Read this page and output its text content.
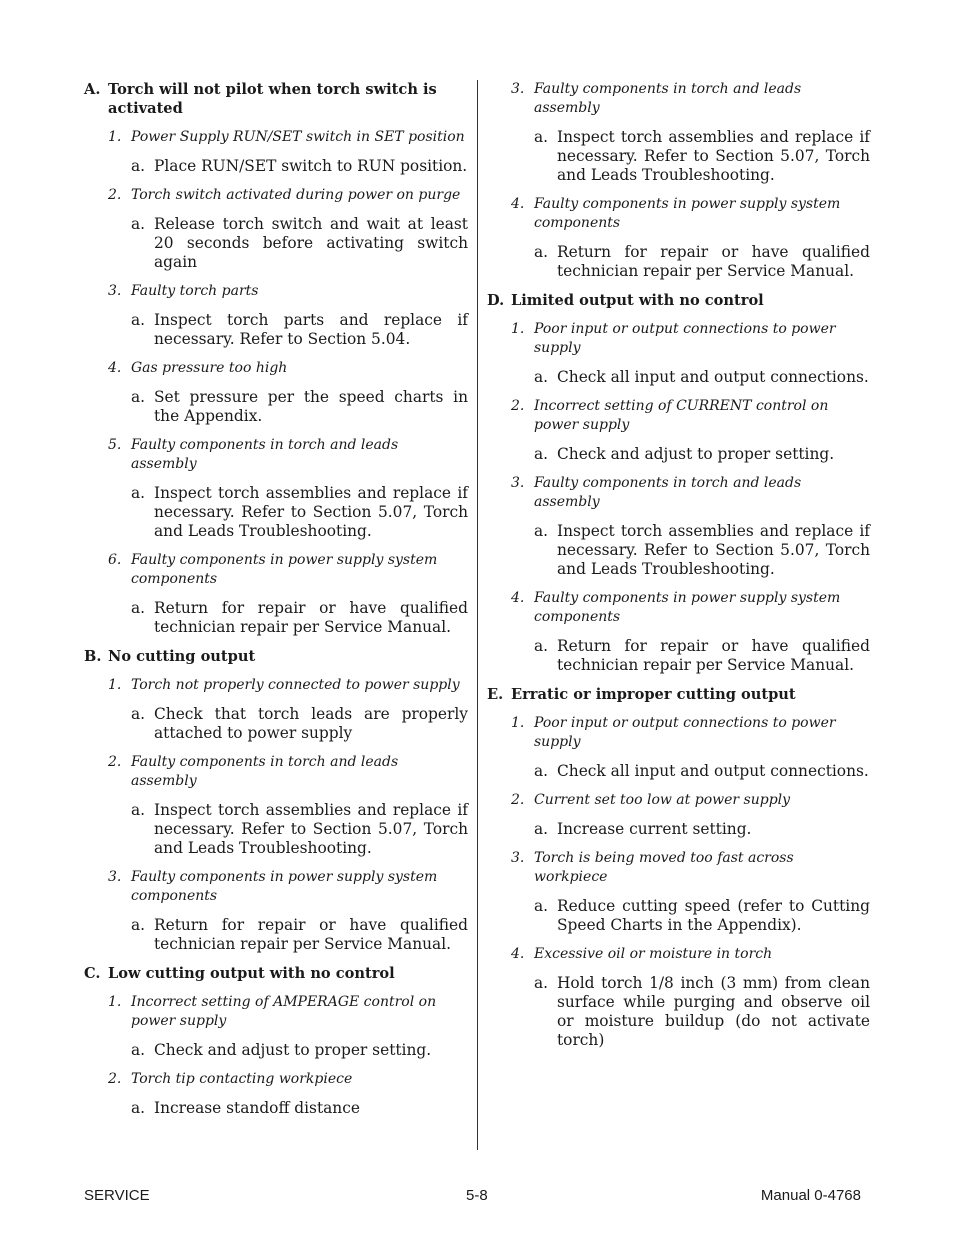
A. Torch will not pilot when torch switch is activated
1. Power Supply RUN/SET switch in SET position
a. Place RUN/SET switch to RUN position.
2. Torch switch activated during power on purge
a. Release torch switch and wait at least 20 seconds before activating switch again
3. Faulty torch parts
a. Inspect torch parts and replace if necessary. Refer to Section 5.04.
4. Gas pressure too high
a. Set pressure per the speed charts in the Appendix.
5. Faulty components in torch and leads assembly
a. Inspect torch assemblies and replace if necessary. Refer to Section 5.07, Torch and Leads Troubleshooting.
6. Faulty components in power supply system components
a. Return for repair or have qualified technician repair per Service Manual.
B. No cutting output
1. Torch not properly connected to power supply
a. Check that torch leads are properly attached to power supply
2. Faulty components in torch and leads assembly
a. Inspect torch assemblies and replace if necessary. Refer to Section 5.07, Torch and Leads Troubleshooting.
3. Faulty components in power supply system components
a. Return for repair or have qualified technician repair per Service Manual.
C. Low cutting output with no control
1. Incorrect setting of AMPERAGE control on power supply
a. Check and adjust to proper setting.
2. Torch tip contacting workpiece
a. Increase standoff distance
3. Faulty components in torch and leads assembly
a. Inspect torch assemblies and replace if necessary. Refer to Section 5.07, Torch and Leads Troubleshooting.
4. Faulty components in power supply system components
a. Return for repair or have qualified technician repair per Service Manual.
D. Limited output with no control
1. Poor input or output connections to power supply
a. Check all input and output connections.
2. Incorrect setting of CURRENT control on power supply
a. Check and adjust to proper setting.
3. Faulty components in torch and leads assembly
a. Inspect torch assemblies and replace if necessary. Refer to Section 5.07, Torch and Leads Troubleshooting.
4. Faulty components in power supply system components
a. Return for repair or have qualified technician repair per Service Manual.
E. Erratic or improper cutting output
1. Poor input or output connections to power supply
a. Check all input and output connections.
2. Current set too low at power supply
a. Increase current setting.
3. Torch is being moved too fast across workpiece
a. Reduce cutting speed (refer to Cutting Speed Charts in the Appendix).
4. Excessive oil or moisture in torch
a. Hold torch 1/8 inch (3 mm) from clean surface while purging and observe oil or moisture buildup (do not activate torch)
SERVICE	5-8	Manual 0-4768
